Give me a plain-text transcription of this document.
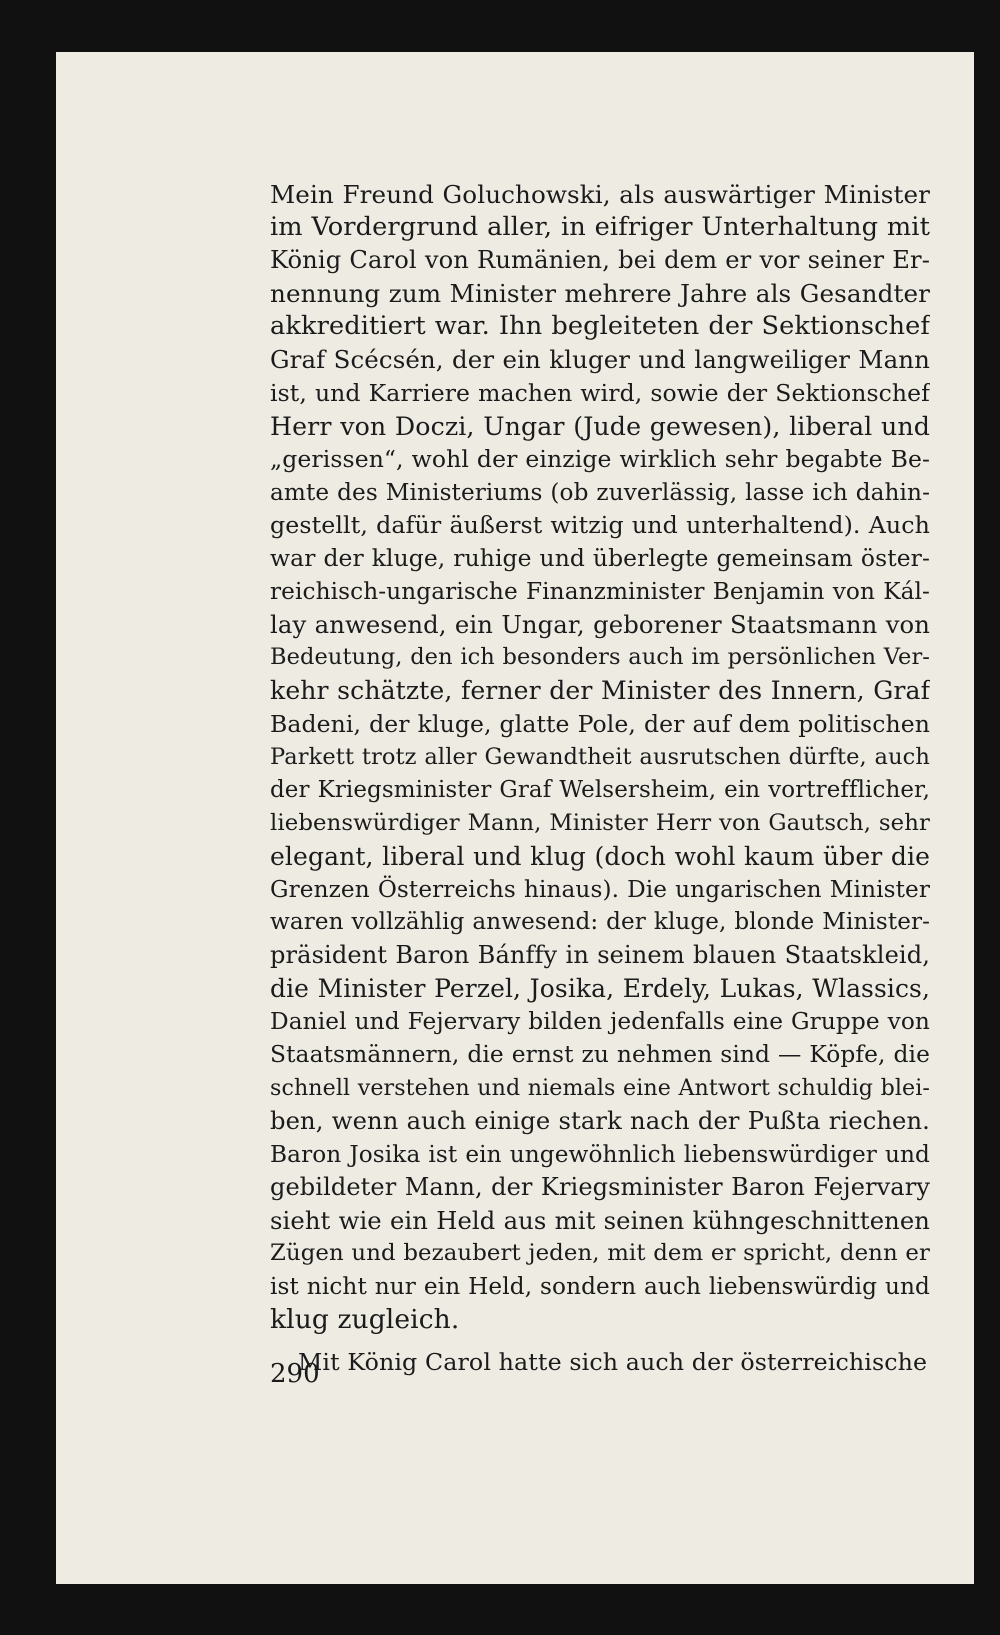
Mein Freund Goluchowski, als auswärtiger Minister
im Vordergrund aller, in eifriger Unterhaltung mit
König Carol von Rumänien, bei dem er vor seiner Er-
nennung zum Minister mehrere Jahre als Gesandter
akkreditiert war. Ihn begleiteten der Sektionschef
Graf Scécsén, der ein kluger und langweiliger Mann
ist, und Karriere machen wird, sowie der Sektionschef
Herr von Doczi, Ungar (Jude gewesen), liberal und
„gerissen“, wohl der einzige wirklich sehr begabte Be-
amte des Ministeriums (ob zuverlässig, lasse ich dahin-
gestellt, dafür äußerst witzig und unterhaltend). Auch
war der kluge, ruhige und überlegte gemeinsam öster-
reichisch-ungarische Finanzminister Benjamin von Kál-
lay anwesend, ein Ungar, geborener Staatsmann von
Bedeutung, den ich besonders auch im persönlichen Ver-
kehr schätzte, ferner der Minister des Innern, Graf
Badeni, der kluge, glatte Pole, der auf dem politischen
Parkett trotz aller Gewandtheit ausrutschen dürfte, auch
der Kriegsminister Graf Welsersheim, ein vortrefflicher,
liebenswürdiger Mann, Minister Herr von Gautsch, sehr
elegant, liberal und klug (doch wohl kaum über die
Grenzen Österreichs hinaus). Die ungarischen Minister
waren vollzählig anwesend: der kluge, blonde Minister-
präsident Baron Bánffy in seinem blauen Staatskleid,
die Minister Perzel, Josika, Erdely, Lukas, Wlassics,
Daniel und Fejervary bilden jedenfalls eine Gruppe von
Staatsmännern, die ernst zu nehmen sind — Köpfe, die
schnell verstehen und niemals eine Antwort schuldig blei-
ben, wenn auch einige stark nach der Pußta riechen.
Baron Josika ist ein ungewöhnlich liebenswürdiger und
gebildeter Mann, der Kriegsminister Baron Fejervary
sieht wie ein Held aus mit seinen kühngeschnittenen
Zügen und bezaubert jeden, mit dem er spricht, denn er
ist nicht nur ein Held, sondern auch liebenswürdig und
klug zugleich.
Mit König Carol hatte sich auch der österreichische
290
